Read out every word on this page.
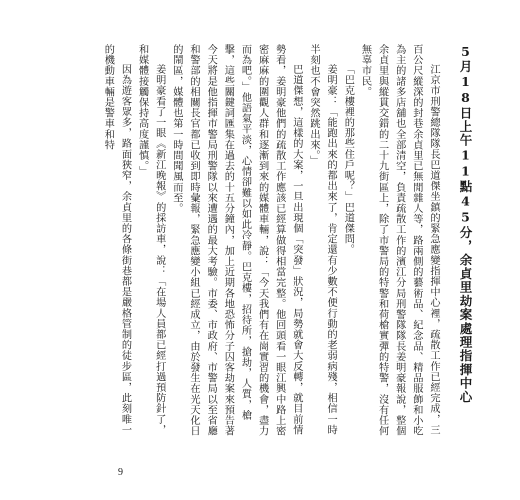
5月18日上午11點45分，余貞里劫案處理指揮中心

江京市刑警總隊隊長巴道傑坐鎮的緊急應變指揮中心裡，疏散工作已經完成，三百公尺縱深的封巷余貞里已無閒雜人等，路兩側的藝術品、紀念品、精品服飾和小吃為主的諸多店舖也全部清空，負責疏散工作的濱江分局刑警隊隊長姜明豪報說，整個余貞里與縱貫交錯的二十九街區上，除了市警局的特警和荷槍實彈的特警，沒有任何無辜市民。

「巴克樓裡的那些住戶呢？」巴道傑問。

姜明豪：「能跑出來的都出來了，肯定還有少數不便行動的老弱病殘，相信一時半刻也不會突然跳出來。」

巴道傑想，這樣的大案，一旦出現個「突發」狀況，局勢就會大反轉，就目前情勢看，姜明豪他們的疏散工作應該已經算做得相當完整。他回頭看一眼江興中路上密密麻麻的圍觀人群和逐漸到來的媒體車輛，說：「今天我們有在崗實習的機會，盡力而為吧。」他語氣平淡，心情卻難以如此冷靜。巴克樓，招待所，搶劫，人質，槍擊，這些關鍵詞匯集在過去的十五分鐘內，加上近期各地恐怖分子囚客劫案來預告著今天將是他指揮市警局刑警隊以來遭遇的最大考驗。市委、市政府、市警局以至省廳和警部的相關長官都已收到即時彙報，緊急應變小組已經成立，由於發生在光天化日的鬧區，媒體也第一時間聞風而至。

姜明豪看了一眼《新江晚報》的採訪車，說：「在場人員都已經打過預防針了，和媒體接觸保持高度謹慎。」

因為遊客眾多，路面狹窄，余貞里的各條街巷都是嚴格管制的徒步區，此刻唯一的機動車輛是警車和特

9
